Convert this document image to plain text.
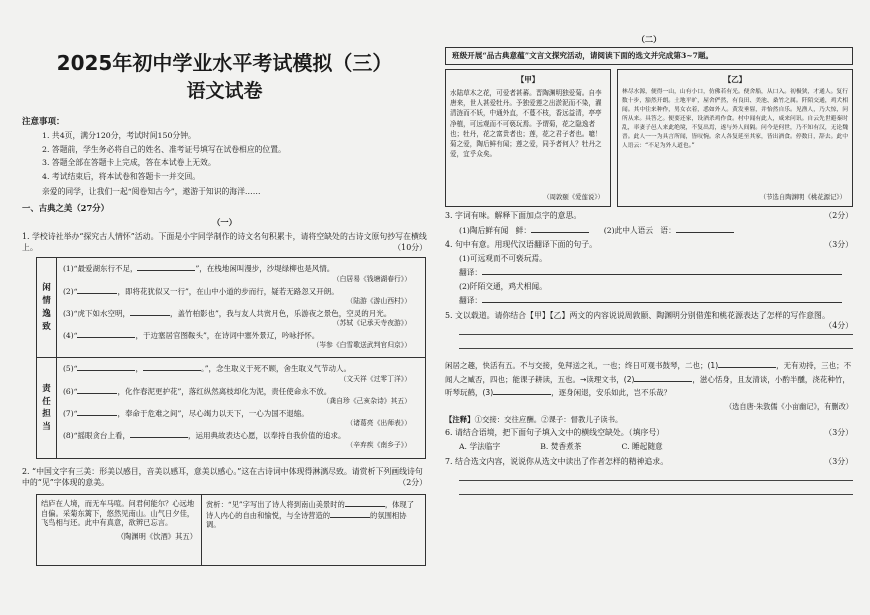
2025年初中学业水平考试模拟（三）
语文试卷
注意事项：
1. 共4页，满分120分，考试时间150分钟。
2. 答题前，学生务必将自己的姓名、准考证号填写在试卷相应的位置。
3. 答题全部在答题卡上完成，答在本试卷上无效。
4. 考试结束后，将本试卷和答题卡一并交回。
亲爱的同学，让我们一起“阅卷知古今”，遨游于知识的海洋……
一、古典之美（27分）
（一）
1. 学校诗社举办“探究古人情怀”活动。下面是小宇同学制作的诗文名句积累卡，请将空缺处的古诗文原句抄写在横线上。	（10分）
闲
情
逸
致
(1)“最爱湖东行不足，	”，在栈地闲叫漫步，沙堤绿柳也是风情。
（白居易《钱塘湖春行》）
(2)“	，即将花犹似又一行”，在山中小道的步而行，疑若无路忽又开朗。
（陆游《游山西村》）
(3)“虎下如水空明，	，盖竹柏影也”，我与友人共赏月色，乐游夜之景色，空灵的月光。
（苏轼《记承天寺夜游》）
(4)“	，于边塞居官图鞍头”，在诗词中塞外景辽，吟咏抒怀。
（岑参《白雪歌送武判官归京》）
责
任
担
当
(5)“	，	。”，念生取义于死不顾，舍生取义气节动人。
（文天祥《过零丁洋》）
(6)“	，化作春泥更护花”，落红纵然离枝却化为泥，责任使命永不放。
（龚自珍《己亥杂诗》其五）
(7)“	，奉命于危难之间”，尽心竭力以天下，一心为国不退缩。
（诸葛亮《出师表》）
(8)“摇眼贪台上看，	，运用典故表达心愿，以奉持自我价值的追求。
（辛弃疾《南乡子》）
2. “中国文字有三美：形美以感目，音美以感耳，意美以感心。”这在古诗词中体现得淋漓尽致。请赏析下列画线诗句中的“见”字体现的意美。	（2分）
结庐在人境，而无车马喧。问君何能尔？心远地自偏。采菊东篱下，悠然见南山。山气日夕佳，飞鸟相与还。此中有真意，欲辨已忘言。
（陶渊明《饮酒》其五）
赏析：“见”字写出了诗人将到南山美景时的	，体现了诗人内心的自由和愉悦，与全诗营造的	的氛围相协调。
（二）
班级开展“品古典意蕴”文言文探究活动，请阅读下面的选文并完成第3~7题。
【甲】
水陆草木之花，可爱者甚蕃。晋陶渊明独爱菊。自李唐来，世人甚爱牡丹。予独爱莲之出淤泥而不染，濯清涟而不妖，中通外直，不蔓不枝，香远益清，亭亭净植，可远观而不可亵玩焉。予谓菊，花之隐逸者也；牡丹，花之富贵者也；莲，花之君子者也。噫！菊之爱，陶后鲜有闻；莲之爱，同予者何人？牡丹之爱，宜乎众矣。
（周敦颐《爱莲说》）
【乙】
林尽水源，便得一山，山有小口，仿佛若有光。便舍船，从口入。初极狭，才通人。复行数十步，豁然开朗。土地平旷，屋舍俨然，有良田、美池、桑竹之属。阡陌交通，鸡犬相闻。其中往来种作，男女衣着，悉如外人。黄发垂髫，并怡然自乐。见渔人，乃大惊，问所从来。具答之。便要还家，设酒杀鸡作食。村中闻有此人，咸来问讯。自云先世避秦时乱，率妻子邑人来此绝境，不复出焉，遂与外人间隔。问今是何世，乃不知有汉，无论魏晋。此人一一为具言所闻，皆叹惋。余人各复延至其家，皆出酒食。停数日，辞去。此中人语云：“不足为外人道也。”
（节选自陶渊明《桃花源记》）
3. 字词有味。解释下面加点字的意思。	（2分）
(1)陶后鲜有闻 鲜：	(2)此中人语云 语：
4. 句中有意。用现代汉语翻译下面的句子。	（3分）
(1)可远观而不可亵玩焉。
翻译：
(2)阡陌交通，鸡犬相闻。
翻译：
5. 文以载道。请你结合【甲】【乙】两文的内容说说周敦颐、陶渊明分别借莲和桃花源表达了怎样的写作意图。
（4分）
闲居之趣，快活有五。不与交接，免拜送之礼，一也；终日可观书鼓琴，二也；(1)	，无有劝持，三也；不闻人之臧否，四也；能课子耕读，五也。→读理文书，(2)	，滋心恬身，且友清谈，小酌半醺，浇花种竹，听琴玩鹤，(3)	，逐身闲退，安乐如此，岂不乐哉？
（选自唐·朱敦儒《小亩幽记》，有删改）
【注释】①交接：交往应酬。②课子：督教儿子读书。
6. 请结合语境，把下面句子填入文中的横线空缺处。（填序号）	（3分）
A. 学法临字	B. 焚香煮茶	C. 睡起随意
7. 结合选文内容，说说你从选文中读出了作者怎样的精神追求。	（3分）
